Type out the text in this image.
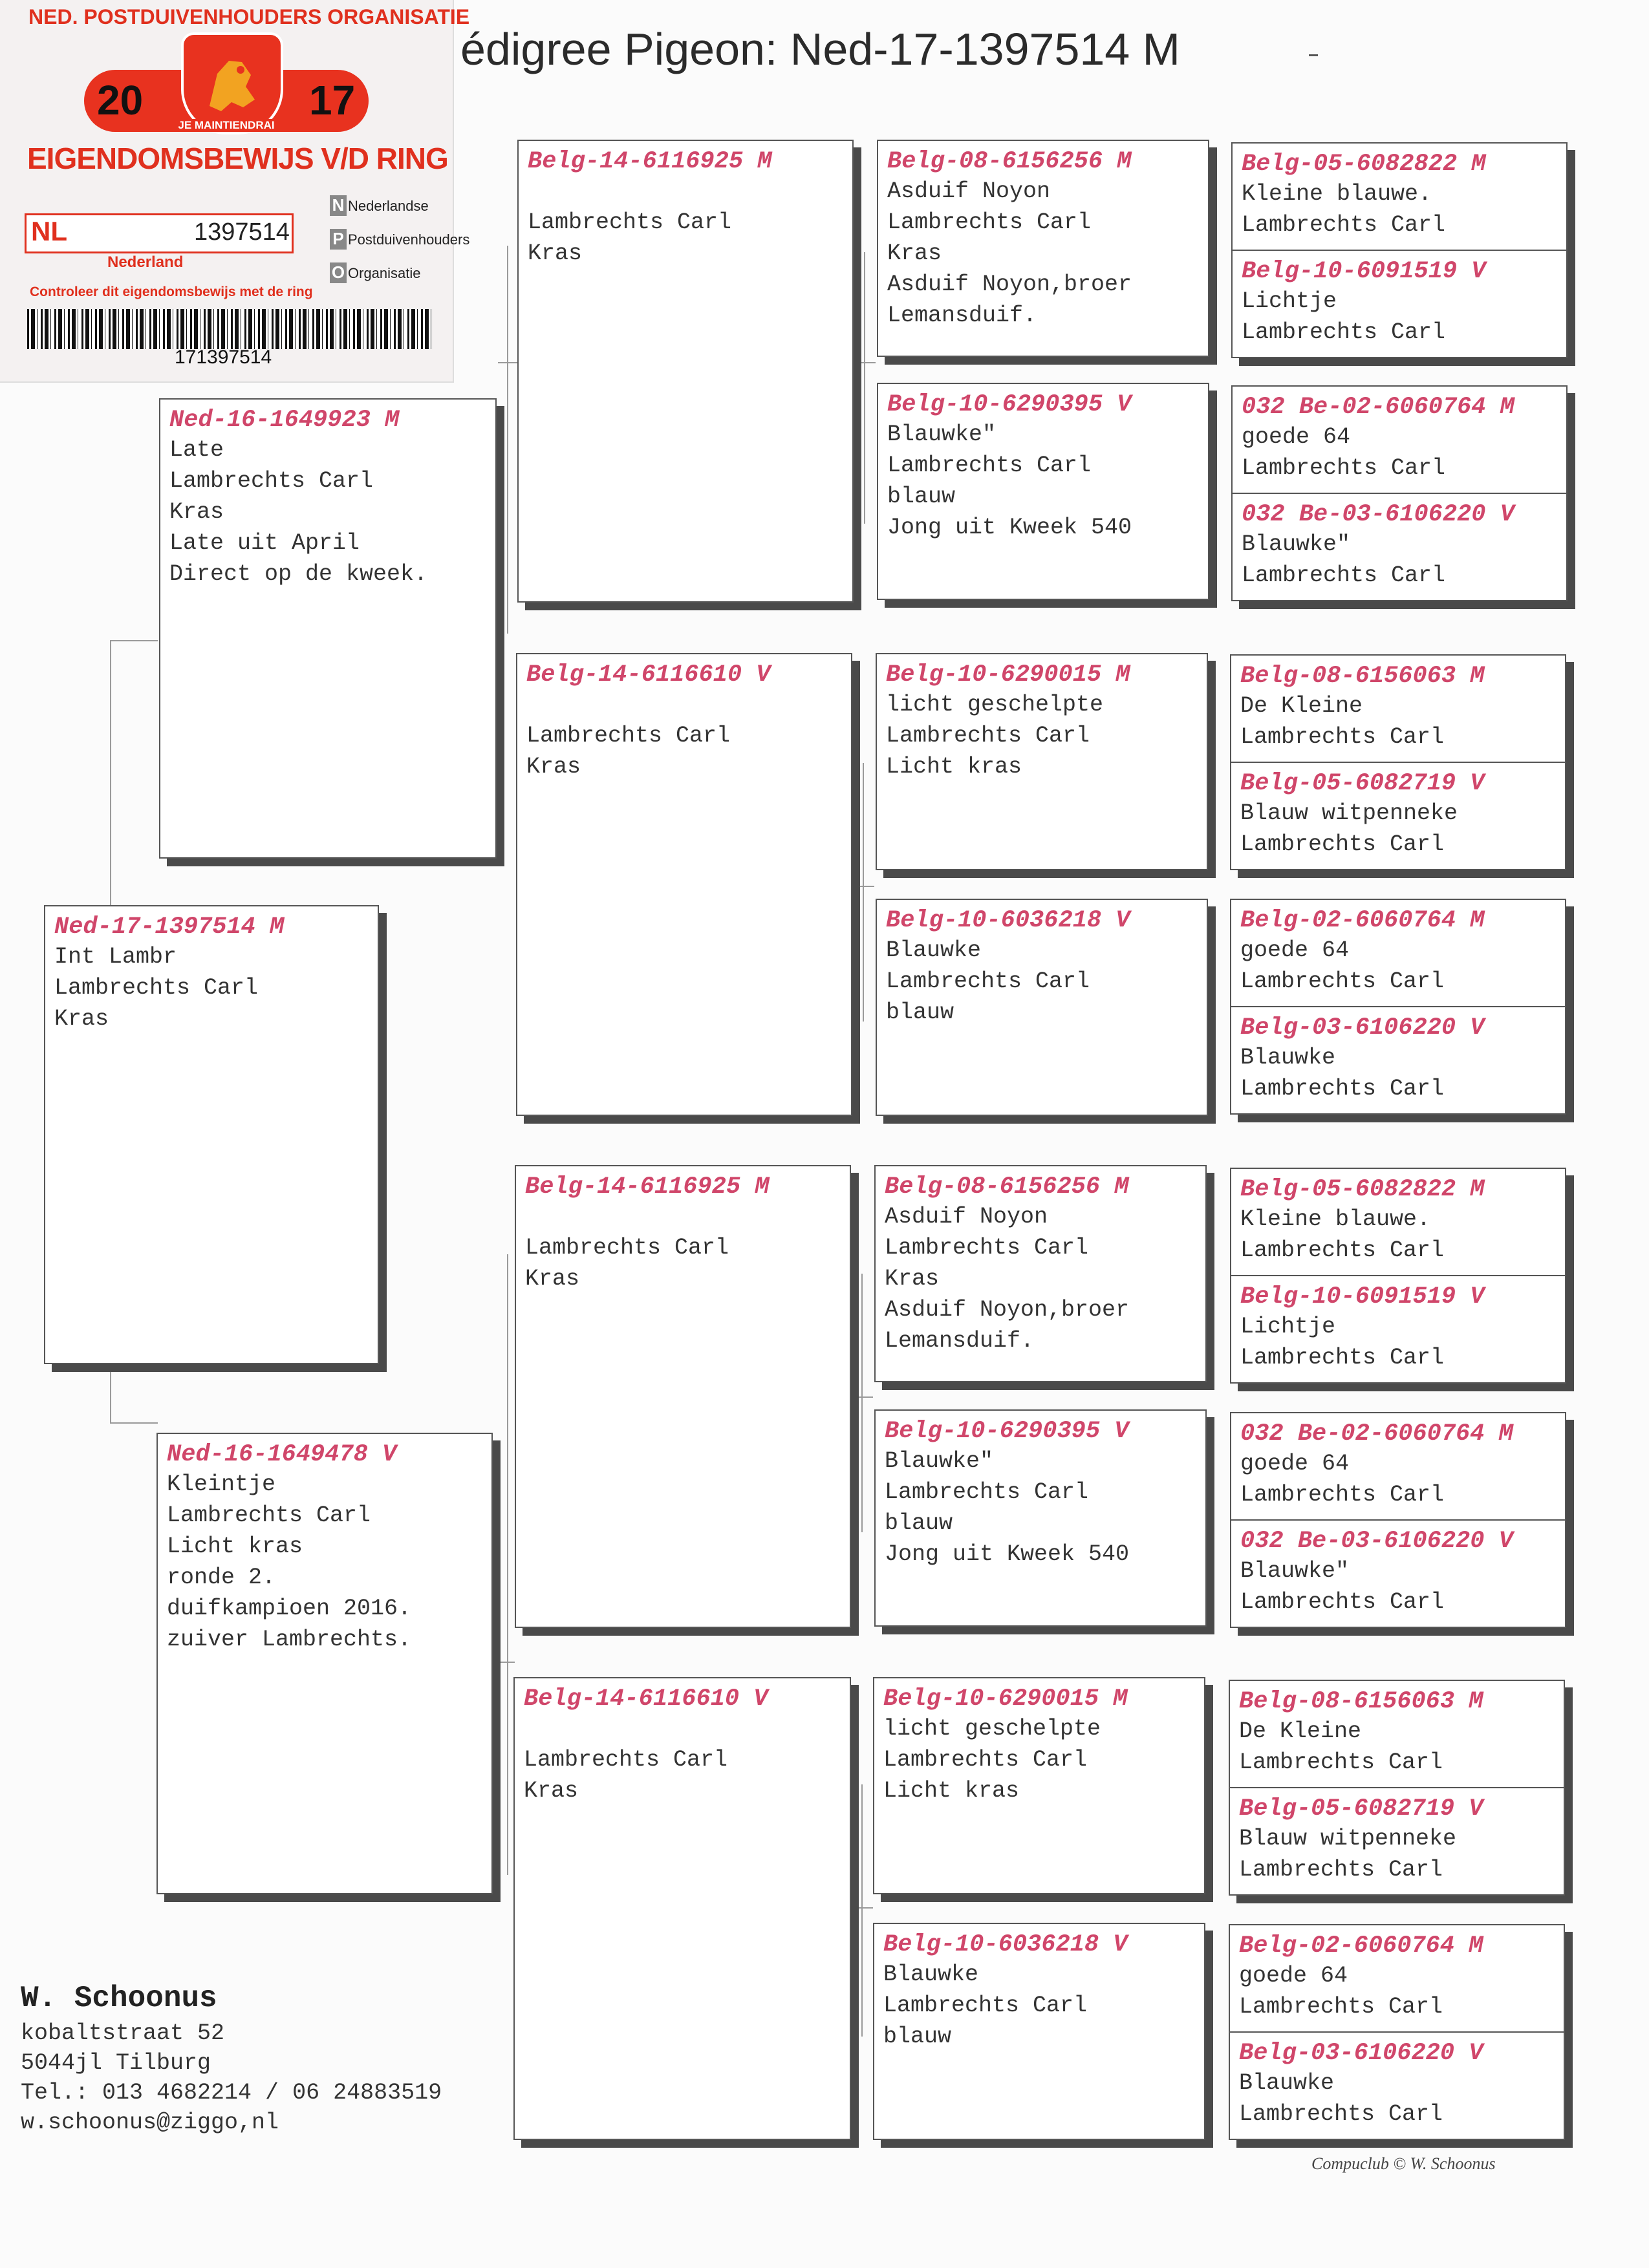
NED. POSTDUIVENHOUDERS ORGANISATIE
20	17
JE MAINTIENDRAI
EIGENDOMSBEWIJS V/D RING
NL	1397514
Nederland
N Nederlandse
P Postduivenhouders
O Organisatie
Controleer dit eigendomsbewijs met de ring
171397514
édigree Pigeon: Ned-17-1397514 M
Ned-17-1397514 M
Int Lambr
Lambrechts Carl
Kras
Ned-16-1649923 M
Late
Lambrechts Carl
Kras
Late uit April
Direct op de kweek.
Ned-16-1649478 V
Kleintje
Lambrechts Carl
Licht kras
ronde 2.
duifkampioen 2016.
zuiver Lambrechts.
Belg-14-6116925 M
Lambrechts Carl
Kras
Belg-14-6116610 V
Lambrechts Carl
Kras
Belg-14-6116925 M
Lambrechts Carl
Kras
Belg-14-6116610 V
Lambrechts Carl
Kras
Belg-08-6156256 M
Asduif Noyon
Lambrechts Carl
Kras
Asduif Noyon,broer
Lemansduif.
Belg-10-6290395 V
Blauwke"
Lambrechts Carl
blauw
Jong uit Kweek 540
Belg-10-6290015 M
licht geschelpte
Lambrechts Carl
Licht kras
Belg-10-6036218 V
Blauwke
Lambrechts Carl
blauw
Belg-08-6156256 M
Asduif Noyon
Lambrechts Carl
Kras
Asduif Noyon,broer
Lemansduif.
Belg-10-6290395 V
Blauwke"
Lambrechts Carl
blauw
Jong uit Kweek 540
Belg-10-6290015 M
licht geschelpte
Lambrechts Carl
Licht kras
Belg-10-6036218 V
Blauwke
Lambrechts Carl
blauw
Belg-05-6082822 M
Kleine blauwe.
Lambrechts Carl
Belg-10-6091519 V
Lichtje
Lambrechts Carl
032 Be-02-6060764 M
goede 64
Lambrechts Carl
032 Be-03-6106220 V
Blauwke"
Lambrechts Carl
Belg-08-6156063 M
De Kleine
Lambrechts Carl
Belg-05-6082719 V
Blauw witpenneke
Lambrechts Carl
Belg-02-6060764 M
goede 64
Lambrechts Carl
Belg-03-6106220 V
Blauwke
Lambrechts Carl
Belg-05-6082822 M
Kleine blauwe.
Lambrechts Carl
Belg-10-6091519 V
Lichtje
Lambrechts Carl
032 Be-02-6060764 M
goede 64
Lambrechts Carl
032 Be-03-6106220 V
Blauwke"
Lambrechts Carl
Belg-08-6156063 M
De Kleine
Lambrechts Carl
Belg-05-6082719 V
Blauw witpenneke
Lambrechts Carl
Belg-02-6060764 M
goede 64
Lambrechts Carl
Belg-03-6106220 V
Blauwke
Lambrechts Carl
W. Schoonus
kobaltstraat 52
5044jl Tilburg
Tel.: 013 4682214 / 06 24883519
w.schoonus@ziggo,nl
Compuclub © W. Schoonus
